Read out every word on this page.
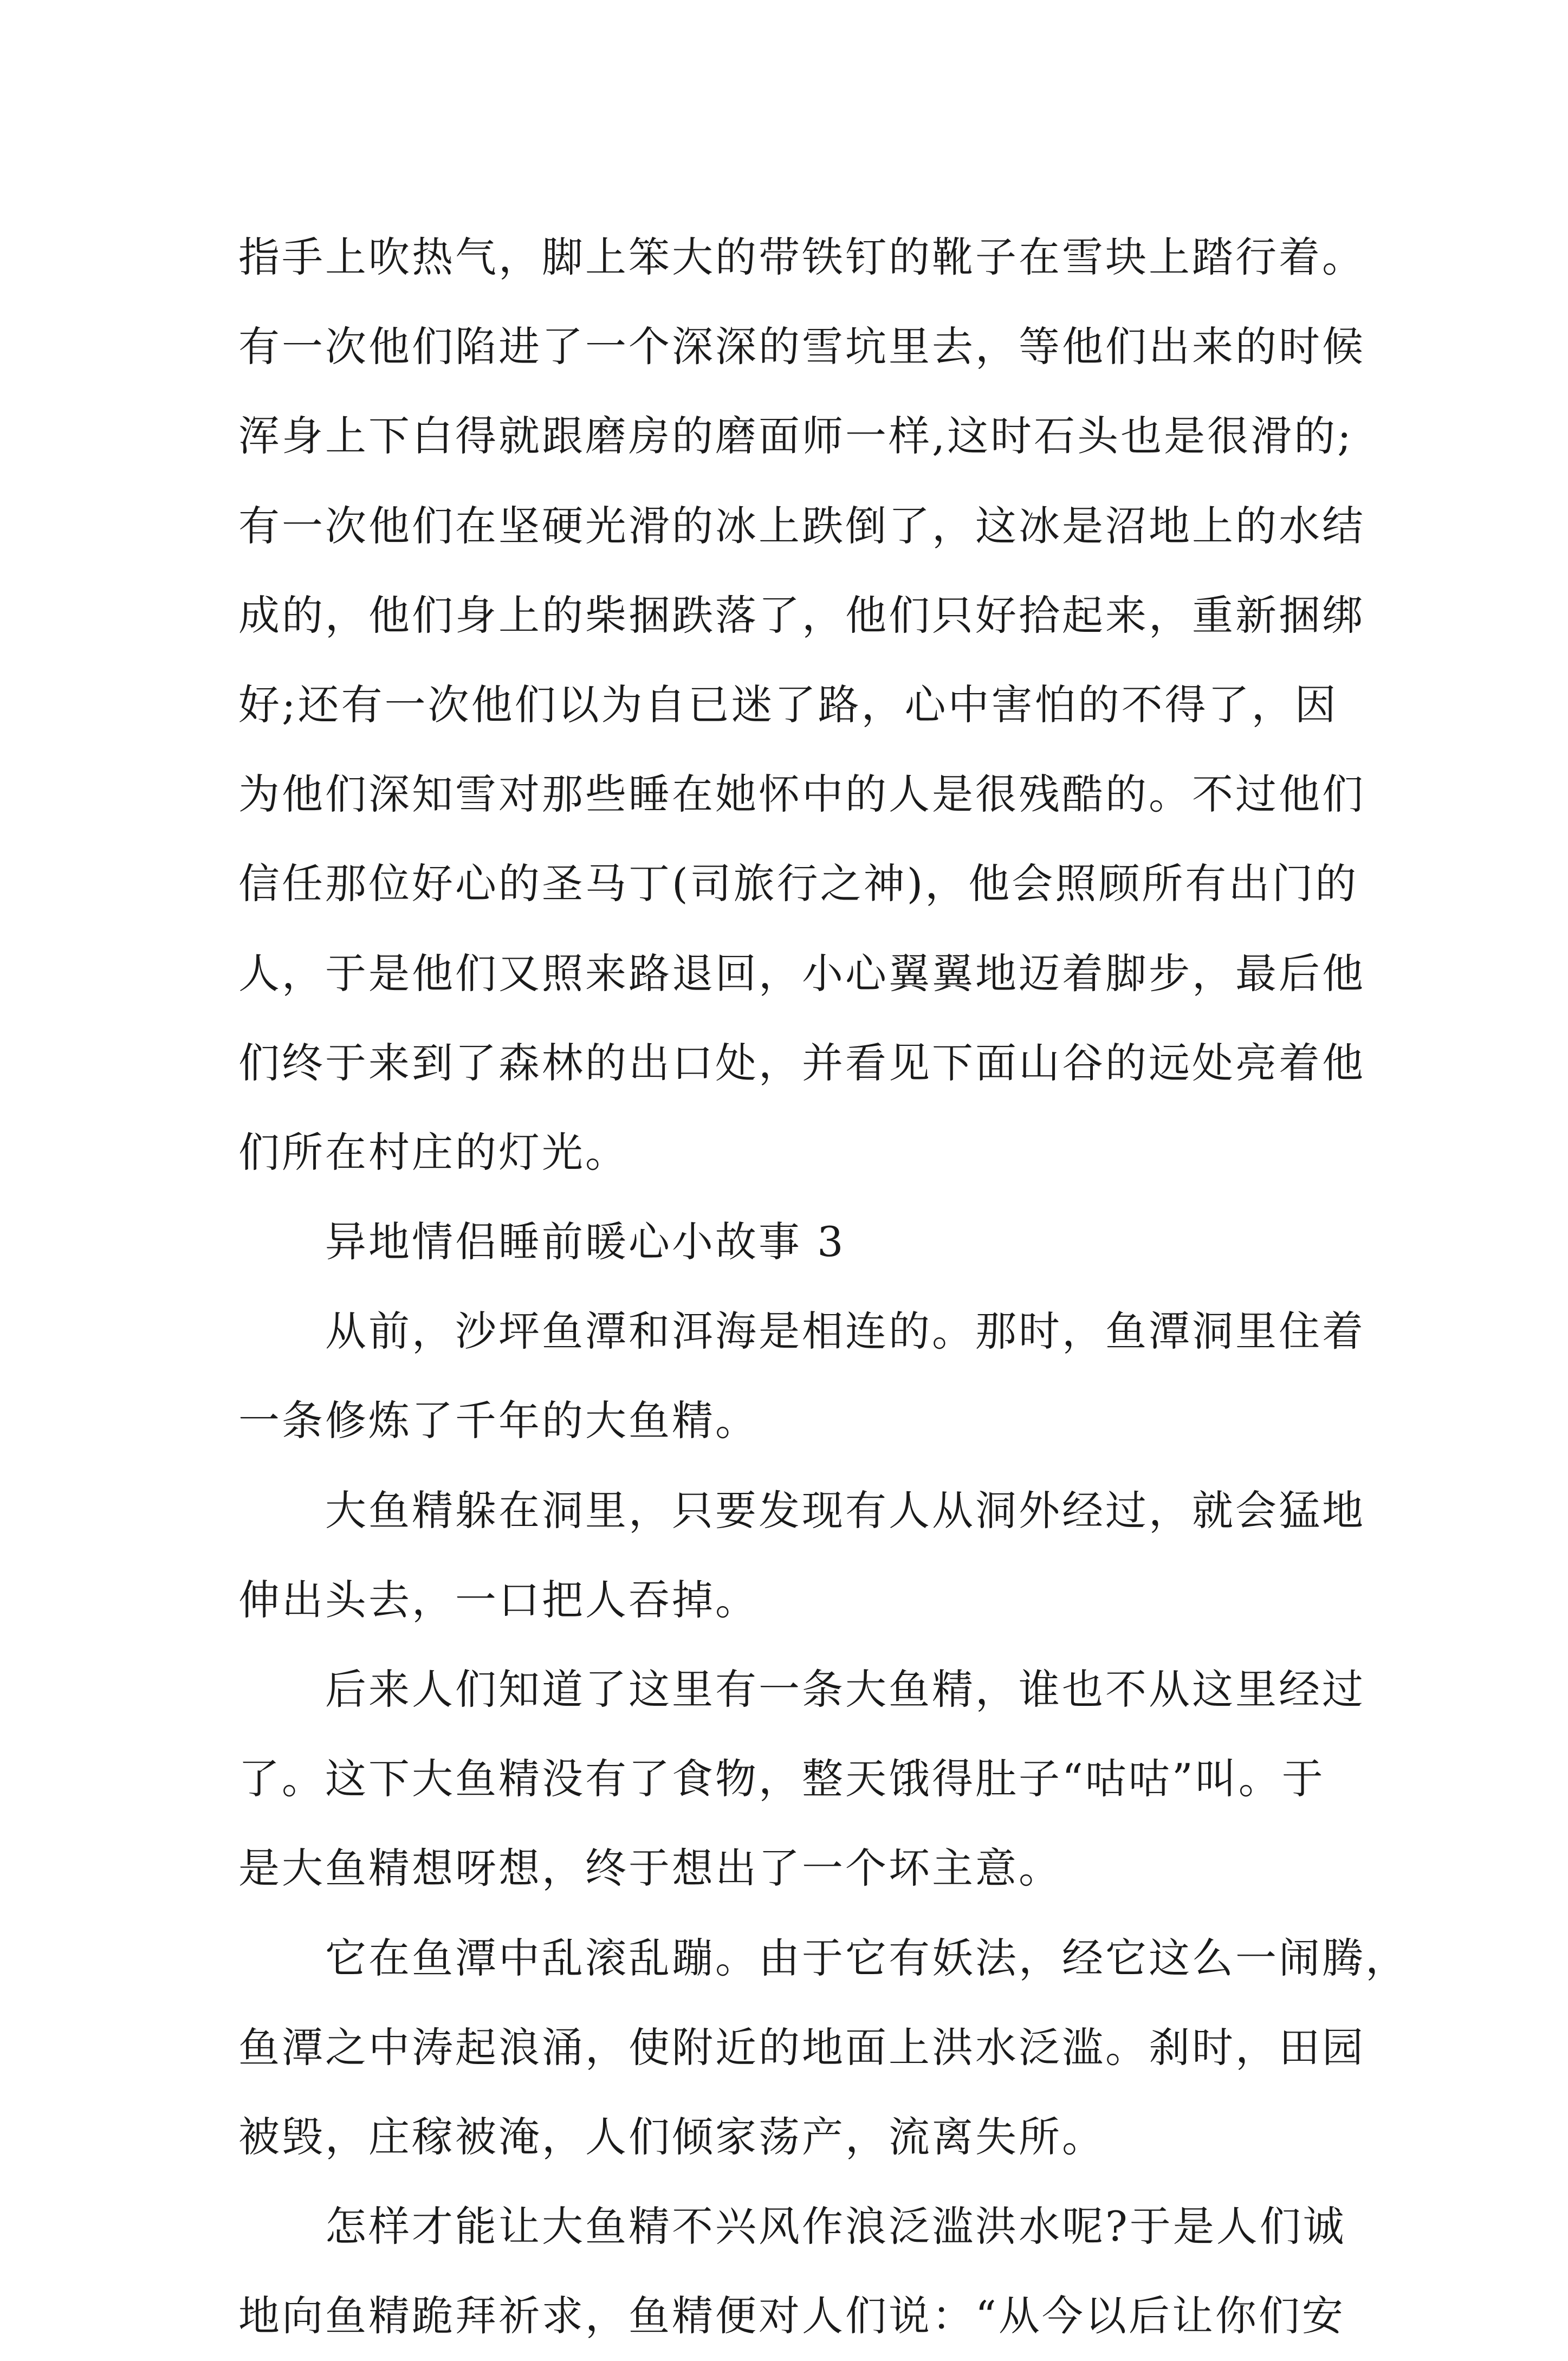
指手上吹热气，脚上笨大的带铁钉的靴子在雪块上踏行着。
有一次他们陷进了一个深深的雪坑里去，等他们出来的时候
浑身上下白得就跟磨房的磨面师一样,这时石头也是很滑的;
有一次他们在坚硬光滑的冰上跌倒了，这冰是沼地上的水结
成的，他们身上的柴捆跌落了，他们只好拾起来，重新捆绑
好;还有一次他们以为自已迷了路，心中害怕的不得了，因
为他们深知雪对那些睡在她怀中的人是很残酷的。不过他们
信任那位好心的圣马丁(司旅行之神)，他会照顾所有出门的
人，于是他们又照来路退回，小心翼翼地迈着脚步，最后他
们终于来到了森林的出口处，并看见下面山谷的远处亮着他
们所在村庄的灯光。
异地情侣睡前暖心小故事 3
从前，沙坪鱼潭和洱海是相连的。那时，鱼潭洞里住着
一条修炼了千年的大鱼精。
大鱼精躲在洞里，只要发现有人从洞外经过，就会猛地
伸出头去，一口把人吞掉。
后来人们知道了这里有一条大鱼精，谁也不从这里经过
了。这下大鱼精没有了食物，整天饿得肚子“咕咕”叫。于
是大鱼精想呀想，终于想出了一个坏主意。
它在鱼潭中乱滚乱蹦。由于它有妖法，经它这么一闹腾，
鱼潭之中涛起浪涌，使附近的地面上洪水泛滥。刹时，田园
被毁，庄稼被淹，人们倾家荡产，流离失所。
怎样才能让大鱼精不兴风作浪泛滥洪水呢?于是人们诚
地向鱼精跪拜祈求，鱼精便对人们说：“从今以后让你们安
